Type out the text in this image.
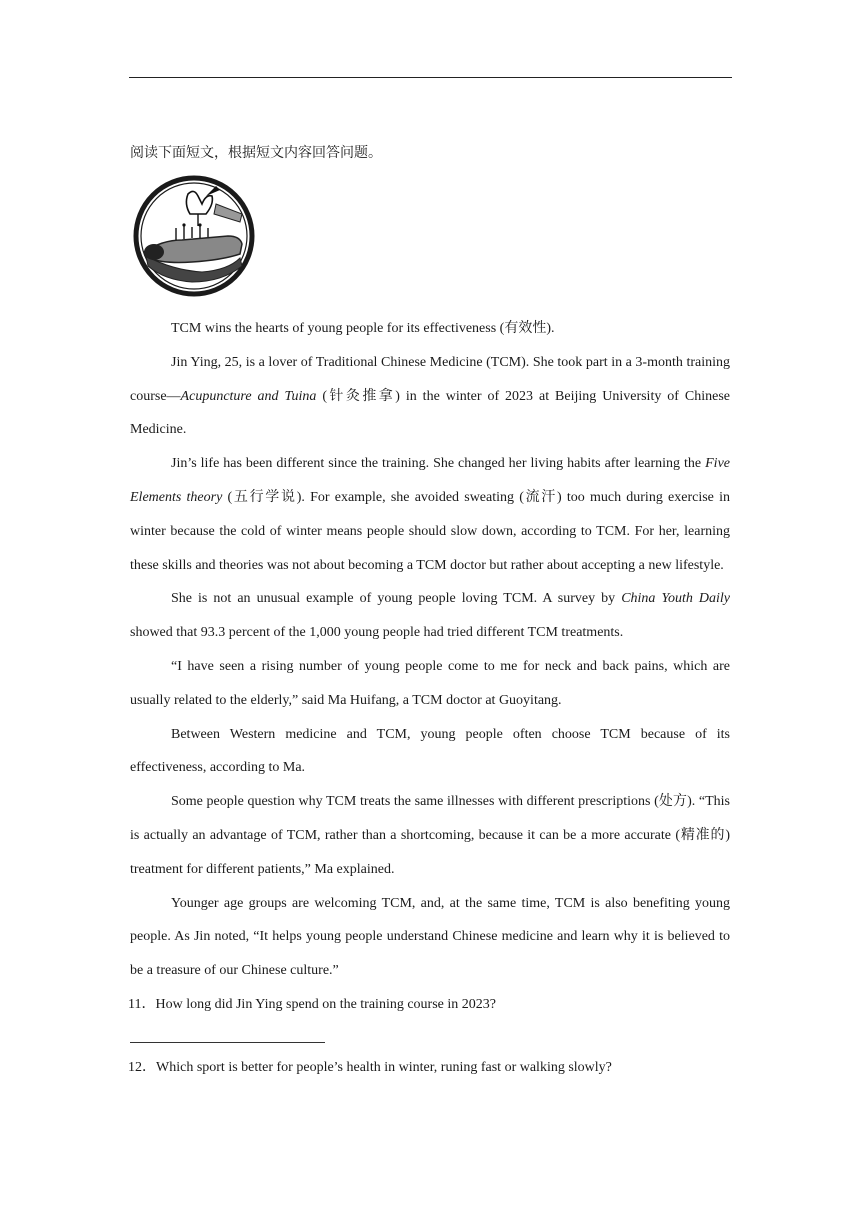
阅读下面短文，根据短文内容回答问题。

TCM wins the hearts of young people for its effectiveness (有效性).

Jin Ying, 25, is a lover of Traditional Chinese Medicine (TCM). She took part in a 3-month training course—Acupuncture and Tuina (针灸推拿) in the winter of 2023 at Beijing University of Chinese Medicine.

Jin’s life has been different since the training. She changed her living habits after learning the Five Elements theory (五行学说). For example, she avoided sweating (流汗) too much during exercise in winter because the cold of winter means people should slow down, according to TCM. For her, learning these skills and theories was not about becoming a TCM doctor but rather about accepting a new lifestyle.

She is not an unusual example of young people loving TCM. A survey by China Youth Daily showed that 93.3 percent of the 1,000 young people had tried different TCM treatments.

“I have seen a rising number of young people come to me for neck and back pains, which are usually related to the elderly,” said Ma Huifang, a TCM doctor at Guoyitang.

Between Western medicine and TCM, young people often choose TCM because of its effectiveness, according to Ma.

Some people question why TCM treats the same illnesses with different prescriptions (处方). “This is actually an advantage of TCM, rather than a shortcoming, because it can be a more accurate (精准的) treatment for different patients,” Ma explained.

Younger age groups are welcoming TCM, and, at the same time, TCM is also benefiting young people. As Jin noted, “It helps young people understand Chinese medicine and learn why it is believed to be a treasure of our Chinese culture.”

11．How long did Jin Ying spend on the training course in 2023?

12．Which sport is better for people’s health in winter, runing fast or walking slowly?
